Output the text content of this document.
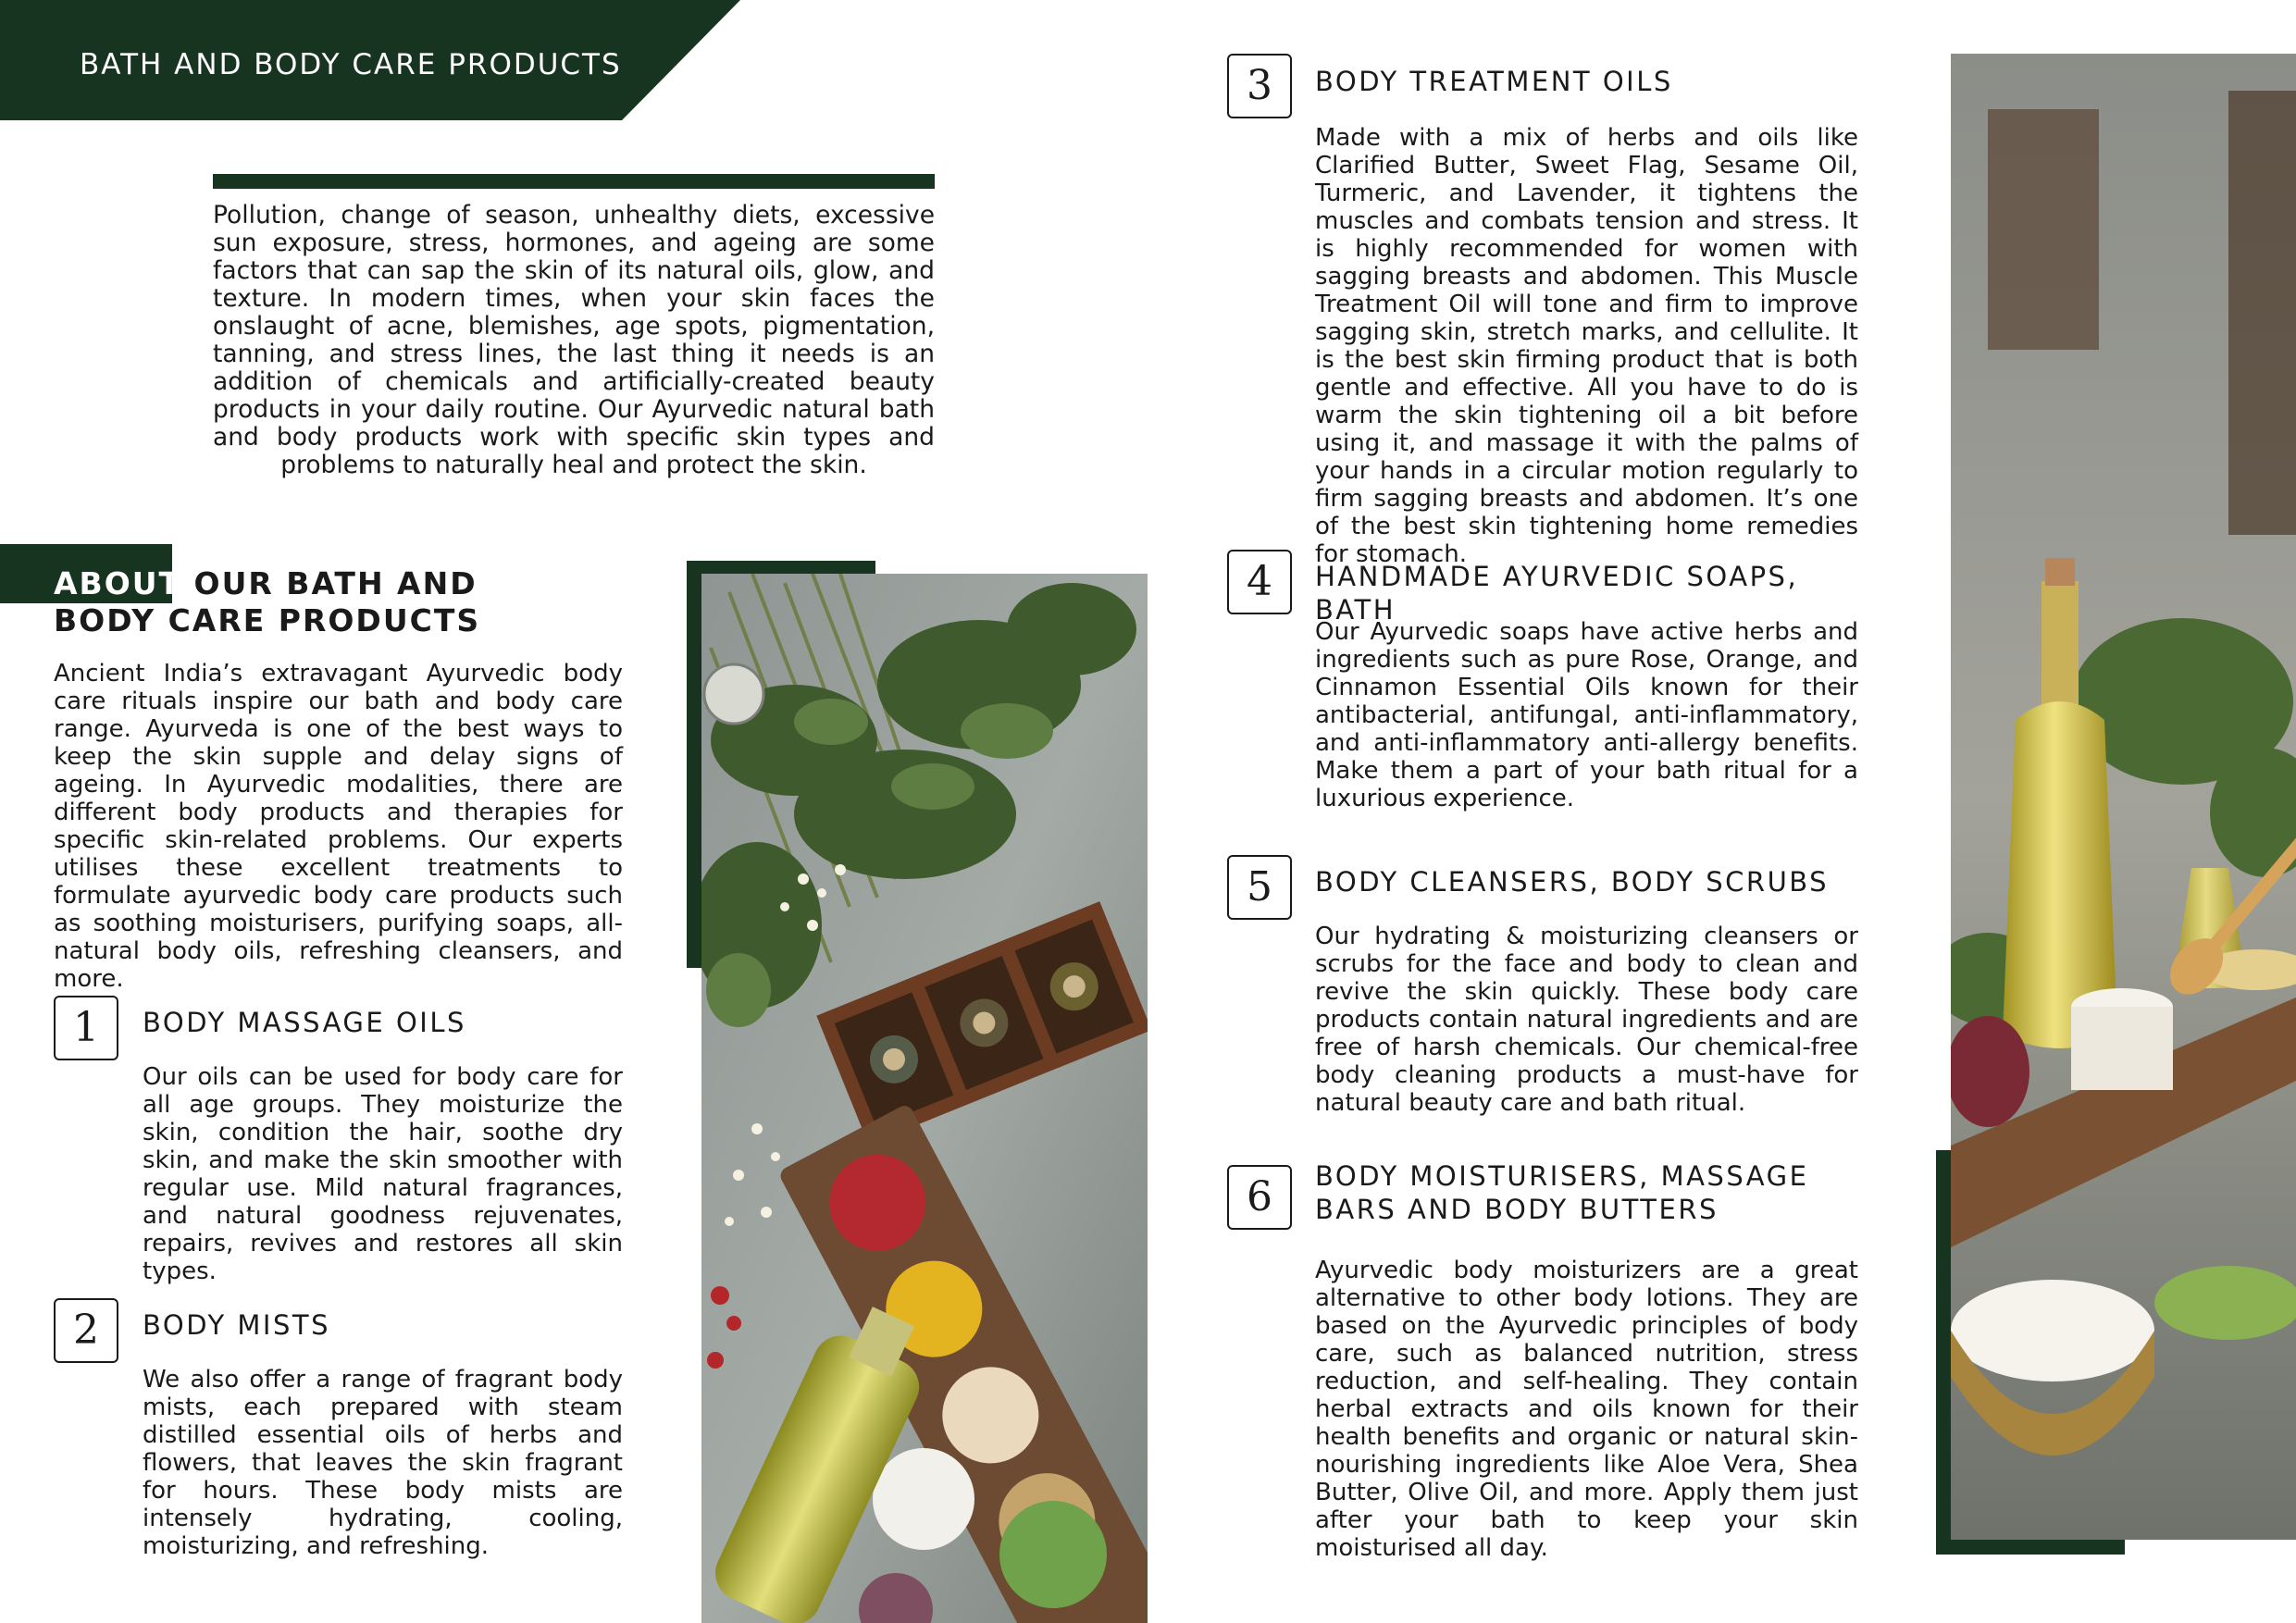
BATH AND BODY CARE PRODUCTS
Pollution, change of season, unhealthy diets, excessive sun exposure, stress, hormones, and ageing are some factors that can sap the skin of its natural oils, glow, and texture. In modern times, when your skin faces the onslaught of acne, blemishes, age spots, pigmentation, tanning, and stress lines, the last thing it needs is an addition of chemicals and artificially-created beauty products in your daily routine. Our Ayurvedic natural bath and body products work with specific skin types and problems to naturally heal and protect the skin.
ABOUT OUR BATH AND
BODY CARE PRODUCTS
Ancient India’s extravagant Ayurvedic body care rituals inspire our bath and body care range. Ayurveda is one of the best ways to keep the skin supple and delay signs of ageing. In Ayurvedic modalities, there are different body products and therapies for specific skin-related problems. Our experts utilises these excellent treatments to formulate ayurvedic body care products such as soothing moisturisers, purifying soaps, all-natural body oils, refreshing cleansers, and more.
1	BODY MASSAGE OILS
Our oils can be used for body care for all age groups. They moisturize the skin, condition the hair, soothe dry skin, and make the skin smoother with regular use. Mild natural fragrances, and natural goodness rejuvenates, repairs, revives and restores all skin types.
2	BODY MISTS
We also offer a range of fragrant body mists, each prepared with steam distilled essential oils of herbs and flowers, that leaves the skin fragrant for hours. These body mists are intensely hydrating, cooling, moisturizing, and refreshing.
3	BODY TREATMENT OILS
Made with a mix of herbs and oils like Clarified Butter, Sweet Flag, Sesame Oil, Turmeric, and Lavender, it tightens the muscles and combats tension and stress. It is highly recommended for women with sagging breasts and abdomen. This Muscle Treatment Oil will tone and firm to improve sagging skin, stretch marks, and cellulite. It is the best skin firming product that is both gentle and effective. All you have to do is warm the skin tightening oil a bit before using it, and massage it with the palms of your hands in a circular motion regularly to firm sagging breasts and abdomen. It’s one of the best skin tightening home remedies for stomach.
4	HANDMADE AYURVEDIC SOAPS, BATH
Our Ayurvedic soaps have active herbs and ingredients such as pure Rose, Orange, and Cinnamon Essential Oils known for their antibacterial, antifungal, anti-inflammatory, and anti-inflammatory anti-allergy benefits. Make them a part of your bath ritual for a luxurious experience.
5	BODY CLEANSERS, BODY SCRUBS
Our hydrating & moisturizing cleansers or scrubs for the face and body to clean and revive the skin quickly. These body care products contain natural ingredients and are free of harsh chemicals. Our chemical-free body cleaning products a must-have for natural beauty care and bath ritual.
6	BODY MOISTURISERS, MASSAGE BARS AND BODY BUTTERS
Ayurvedic body moisturizers are a great alternative to other body lotions. They are based on the Ayurvedic principles of body care, such as balanced nutrition, stress reduction, and self-healing. They contain herbal extracts and oils known for their health benefits and organic or natural skin-nourishing ingredients like Aloe Vera, Shea Butter, Olive Oil, and more. Apply them just after your bath to keep your skin moisturised all day.
